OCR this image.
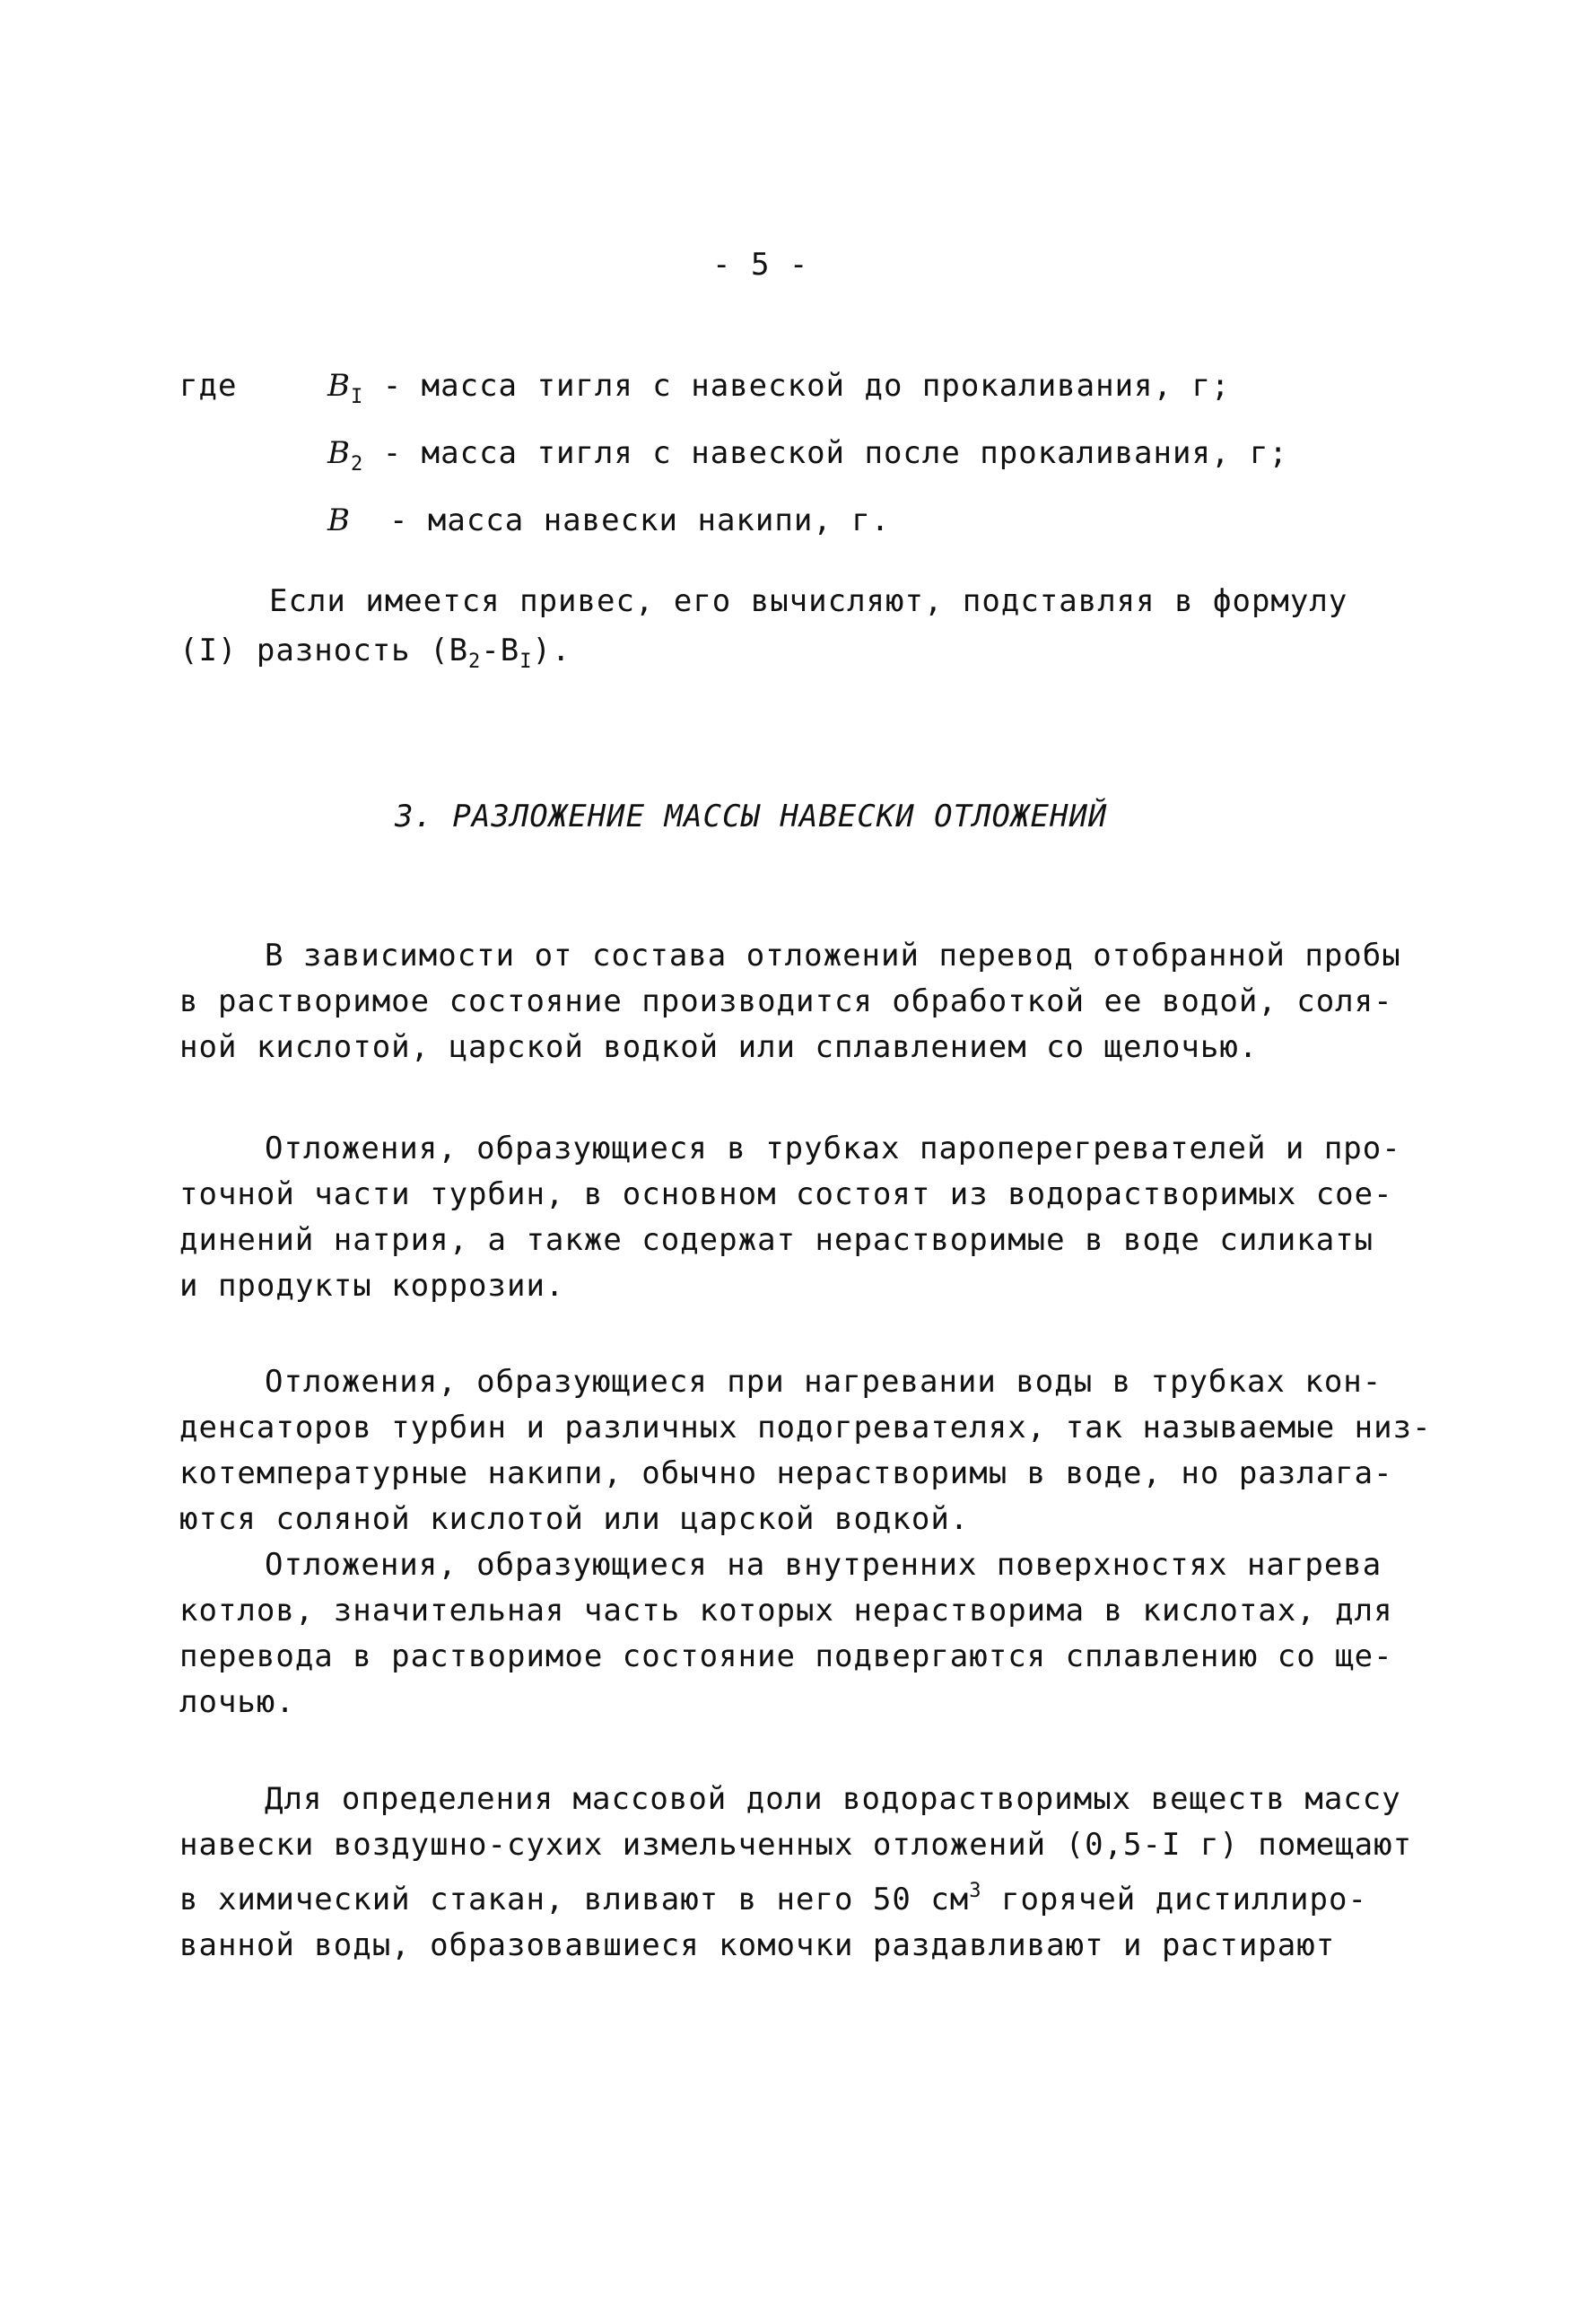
- 5 -
где	$В_I$ - масса тигля с навеской до прокаливания, г;
$В_2$ - масса тигля с навеской после прокаливания, г;
В - масса навески накипи, г.
Если имеется привес, его вычисляют, подставляя в формулу
(I) разность $(В_2-В_I)$.
3. РАЗЛОЖЕНИЕ МАССЫ НАВЕСКИ ОТЛОЖЕНИЙ

В зависимости от состава отложений перевод отобранной пробы
в растворимое состояние производится обработкой ее водой, соля-
ной кислотой, царской водкой или сплавлением со щелочью.

Отложения, образующиеся в трубках пароперегревателей и про-
точной части турбин, в основном состоят из водорастворимых сое-
динений натрия, а также содержат нерастворимые в воде силикаты
и продукты коррозии.

Отложения, образующиеся при нагревании воды в трубках кон-
денсаторов турбин и различных подогревателях, так называемые низ-
котемпературные накипи, обычно нерастворимы в воде, но разлага-
ются соляной кислотой или царской водкой.

Отложения, образующиеся на внутренних поверхностях нагрева
котлов, значительная часть которых нерастворима в кислотах, для
перевода в растворимое состояние подвергаются сплавлению со ще-
лочью.

Для определения массовой доли водорастворимых веществ массу
навески воздушно-сухих измельченных отложений (0,5-I г) помещают
в химический стакан, вливают в него 50 $см^3$ горячей дистиллиро-
ванной воды, образовавшиеся комочки раздавливают и растирают
